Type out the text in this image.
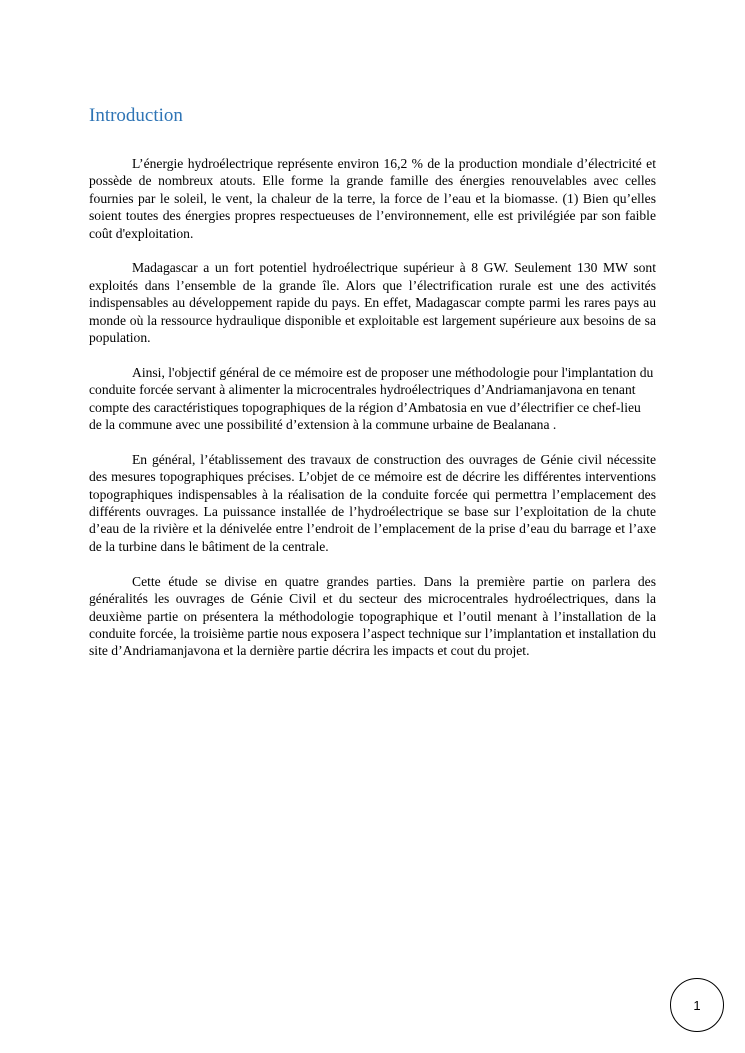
Introduction

L’énergie hydroélectrique représente environ 16,2 % de la production mondiale d’électricité et possède de nombreux atouts. Elle forme la grande famille des énergies renouvelables avec celles fournies par le soleil, le vent, la chaleur de la terre, la force de l’eau et la biomasse. (1) Bien qu’elles soient toutes des énergies propres respectueuses de l’environnement, elle est privilégiée par son faible coût d'exploitation.

Madagascar a un fort potentiel hydroélectrique supérieur à 8 GW. Seulement 130 MW sont exploités dans l’ensemble de la grande île. Alors que l’électrification rurale est une des activités indispensables au développement rapide du pays. En effet, Madagascar compte parmi les rares pays au monde où la ressource hydraulique disponible et exploitable est largement supérieure aux besoins de sa population.

Ainsi, l'objectif général de ce mémoire est de proposer une méthodologie pour l'implantation du conduite forcée servant à alimenter la microcentrales hydroélectriques d’Andriamanjavona en tenant compte des caractéristiques topographiques de la région d’Ambatosia en vue d’électrifier ce chef-lieu de la commune avec une possibilité d’extension à la commune urbaine de Bealanana .

En général, l’établissement des travaux de construction des ouvrages de Génie civil nécessite des mesures topographiques précises. L’objet de ce mémoire est de décrire les différentes interventions topographiques indispensables à la réalisation de la conduite forcée qui permettra l’emplacement des différents ouvrages. La puissance installée de l’hydroélectrique se base sur l’exploitation de la chute d’eau de la rivière et la dénivelée entre l’endroit de l’emplacement de la prise d’eau du barrage et l’axe de la turbine dans le bâtiment de la centrale.

Cette étude se divise en quatre grandes parties. Dans la première partie on parlera des généralités les ouvrages de Génie Civil et du secteur des microcentrales hydroélectriques, dans la deuxième partie on présentera la méthodologie topographique et l’outil menant à l’installation de la conduite forcée, la troisième partie nous exposera l’aspect technique sur l’implantation et installation du site d’Andriamanjavona et la dernière partie décrira les impacts et cout du projet.

1
